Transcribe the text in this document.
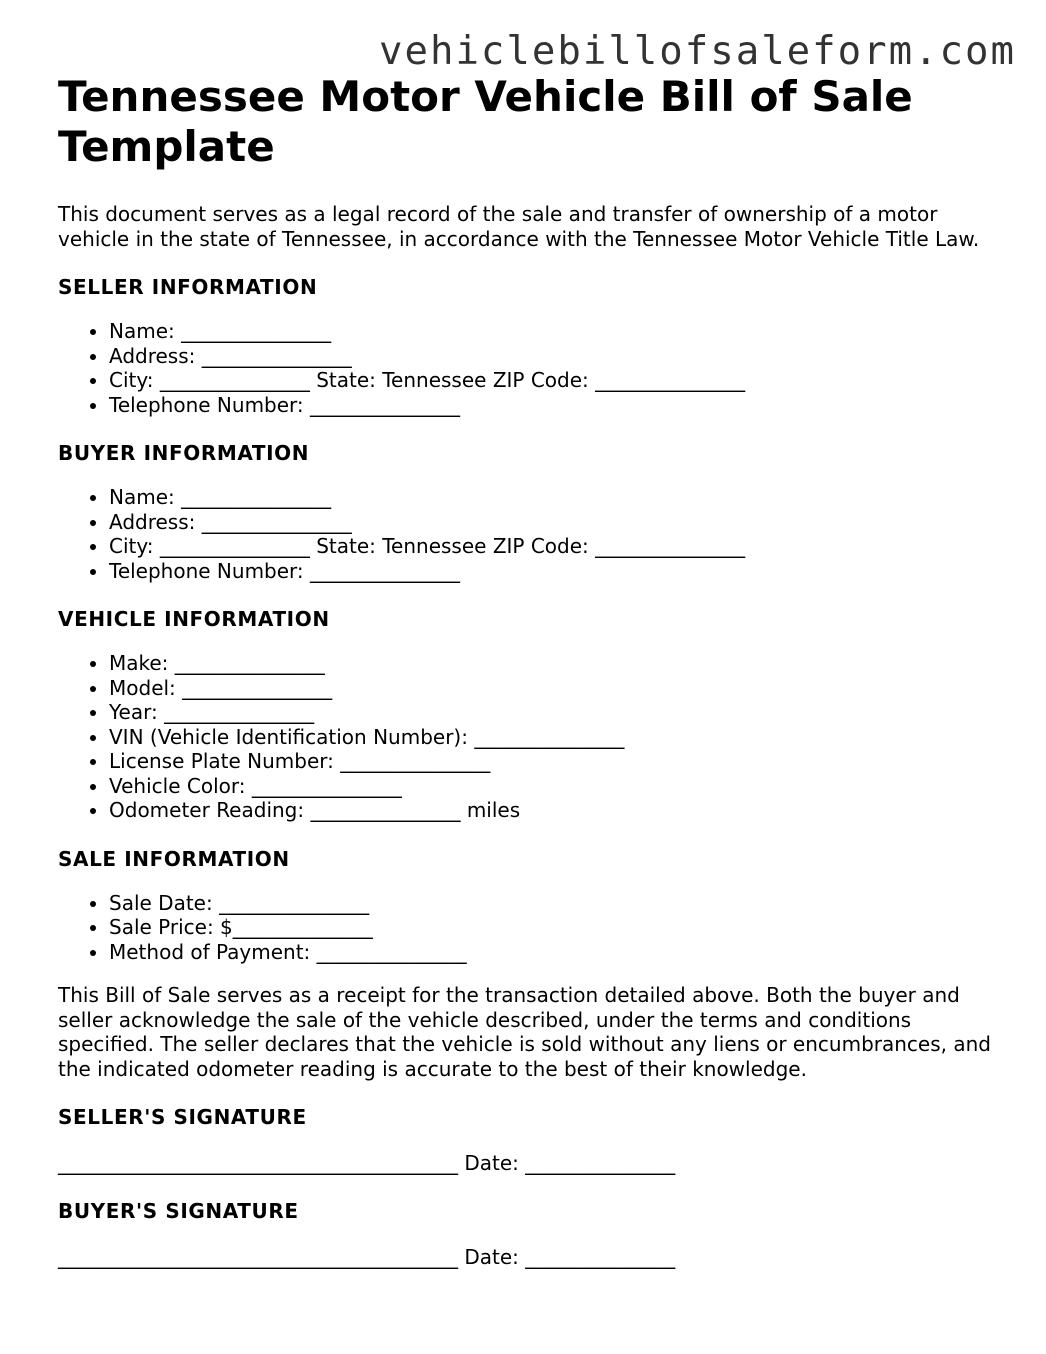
vehiclebillofsaleform.com
Tennessee Motor Vehicle Bill of Sale Template

This document serves as a legal record of the sale and transfer of ownership of a motor vehicle in the state of Tennessee, in accordance with the Tennessee Motor Vehicle Title Law.

SELLER INFORMATION
• Name: _______________
• Address: _______________
• City: _______________ State: Tennessee ZIP Code: _______________
• Telephone Number: _______________
BUYER INFORMATION
• Name: _______________
• Address: _______________
• City: _______________ State: Tennessee ZIP Code: _______________
• Telephone Number: _______________
VEHICLE INFORMATION
• Make: _______________
• Model: _______________
• Year: _______________
• VIN (Vehicle Identification Number): _______________
• License Plate Number: _______________
• Vehicle Color: _______________
• Odometer Reading: _______________ miles
SALE INFORMATION
• Sale Date: _______________
• Sale Price: $______________
• Method of Payment: _______________

This Bill of Sale serves as a receipt for the transaction detailed above. Both the buyer and seller acknowledge the sale of the vehicle described, under the terms and conditions specified. The seller declares that the vehicle is sold without any liens or encumbrances, and the indicated odometer reading is accurate to the best of their knowledge.

SELLER'S SIGNATURE
________________________________________ Date: _______________
BUYER'S SIGNATURE
________________________________________ Date: _______________
